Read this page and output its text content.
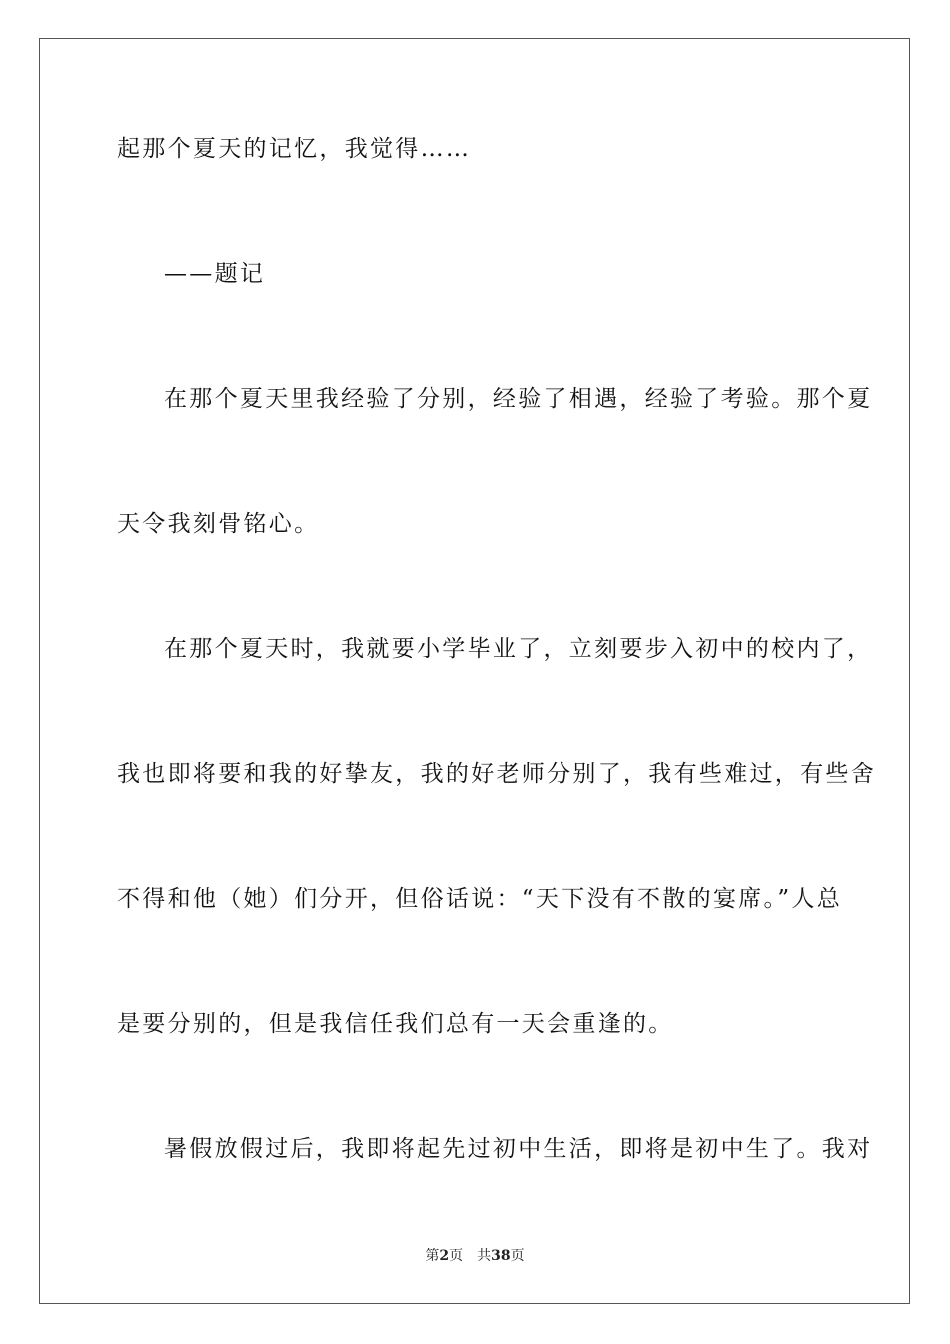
起那个夏天的记忆，我觉得……
——题记
在那个夏天里我经验了分别，经验了相遇，经验了考验。那个夏
天令我刻骨铭心。
在那个夏天时，我就要小学毕业了，立刻要步入初中的校内了，
我也即将要和我的好挚友，我的好老师分别了，我有些难过，有些舍
不得和他（她）们分开，但俗话说：“天下没有不散的宴席。”人总
是要分别的，但是我信任我们总有一天会重逢的。
暑假放假过后，我即将起先过初中生活，即将是初中生了。我对
第2页 共38页
